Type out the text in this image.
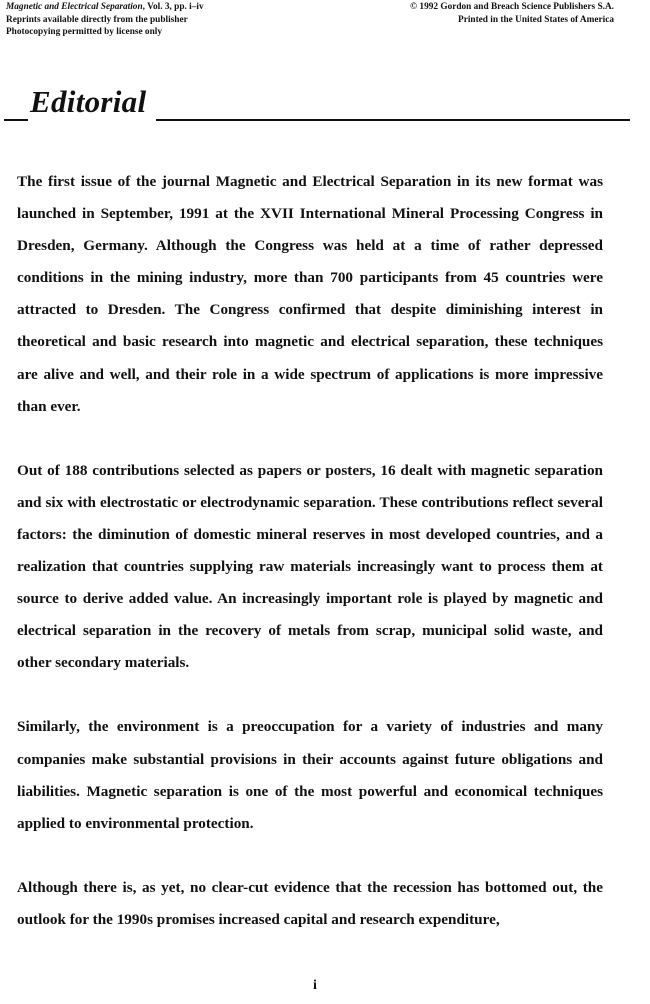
Magnetic and Electrical Separation, Vol. 3, pp. i–iv
Reprints available directly from the publisher
Photocopying permitted by license only
© 1992 Gordon and Breach Science Publishers S.A.
Printed in the United States of America
Editorial

The first issue of the journal Magnetic and Electrical Separation in its new format was launched in September, 1991 at the XVII International Mineral Processing Congress in Dresden, Germany. Although the Congress was held at a time of rather depressed conditions in the mining industry, more than 700 participants from 45 countries were attracted to Dresden. The Congress confirmed that despite diminishing interest in theoretical and basic research into magnetic and electrical separation, these techniques are alive and well, and their role in a wide spectrum of applications is more impressive than ever.

Out of 188 contributions selected as papers or posters, 16 dealt with magnetic separation and six with electrostatic or electrodynamic separation. These contributions reflect several factors: the diminution of domestic mineral reserves in most developed countries, and a realization that countries supplying raw materials increasingly want to process them at source to derive added value. An increasingly important role is played by magnetic and electrical separation in the recovery of metals from scrap, municipal solid waste, and other secondary materials.

Similarly, the environment is a preoccupation for a variety of industries and many companies make substantial provisions in their accounts against future obligations and liabilities. Magnetic separation is one of the most powerful and economical techniques applied to environmental protection.

Although there is, as yet, no clear-cut evidence that the recession has bottomed out, the outlook for the 1990s promises increased capital and research expenditure,

i
